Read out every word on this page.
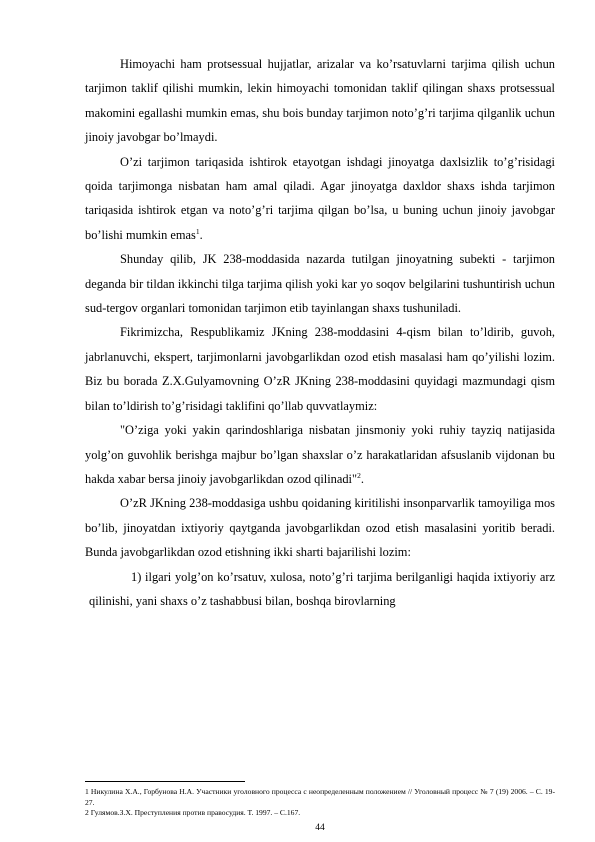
Himoyachi ham protsessual hujjatlar, arizalar va ko’rsatuvlarni tarjima qilish uchun tarjimon taklif qilishi mumkin, lekin himoyachi tomonidan taklif qilingan shaxs protsessual makomini egallashi mumkin emas, shu bois bunday tarjimon noto’g’ri tarjima qilganlik uchun jinoiy javobgar bo’lmaydi.

O’zi tarjimon tariqasida ishtirok etayotgan ishdagi jinoyatga daxlsizlik to’g’risidagi qoida tarjimonga nisbatan ham amal qiladi. Agar jinoyatga daxldor shaxs ishda tarjimon tariqasida ishtirok etgan va noto’g’ri tarjima qilgan bo’lsa, u buning uchun jinoiy javobgar bo’lishi mumkin emas$^1$.

Shunday qilib, JK 238-moddasida nazarda tutilgan jinoyatning subekti - tarjimon deganda bir tildan ikkinchi tilga tarjima qilish yoki kar yo soqov belgilarini tushuntirish uchun sud-tergov organlari tomonidan tarjimon etib tayinlangan shaxs tushuniladi.

Fikrimizcha, Respublikamiz JKning 238-moddasini 4-qism bilan to’ldirib, guvoh, jabrlanuvchi, ekspert, tarjimonlarni javobgarlikdan ozod etish masalasi ham qo’yilishi lozim. Biz bu borada Z.X.Gulyamovning O’zR JKning 238-moddasini quyidagi mazmundagi qism bilan to’ldirish to’g’risidagi taklifini qo’llab quvvatlaymiz:

"O’ziga yoki yakin qarindoshlariga nisbatan jinsmoniy yoki ruhiy tayziq natijasida yolg’on guvohlik berishga majbur bo’lgan shaxslar o’z harakatlaridan afsuslanib vijdonan bu hakda xabar bersa jinoiy javobgarlikdan ozod qilinadi"$^2$.

O’zR JKning 238-moddasiga ushbu qoidaning kiritilishi insonparvarlik tamoyiliga mos bo’lib, jinoyatdan ixtiyoriy qaytganda javobgarlikdan ozod etish masalasini yoritib beradi. Bunda javobgarlikdan ozod etishning ikki sharti bajarilishi lozim:

1) ilgari yolg’on ko’rsatuv, xulosa, noto’g’ri tarjima berilganligi haqida ixtiyoriy arz qilinishi, yani shaxs o’z tashabbusi bilan, boshqa birovlarning

1 Никулина Х.А., Горбунова Н.А. Участники уголовного процесса с неопределенным положением // Уголовный процесс № 7 (19) 2006. – С. 19- 27.

2 Гулямов.З.Х. Преступления против правосудия. Т. 1997. – С.167.

44
